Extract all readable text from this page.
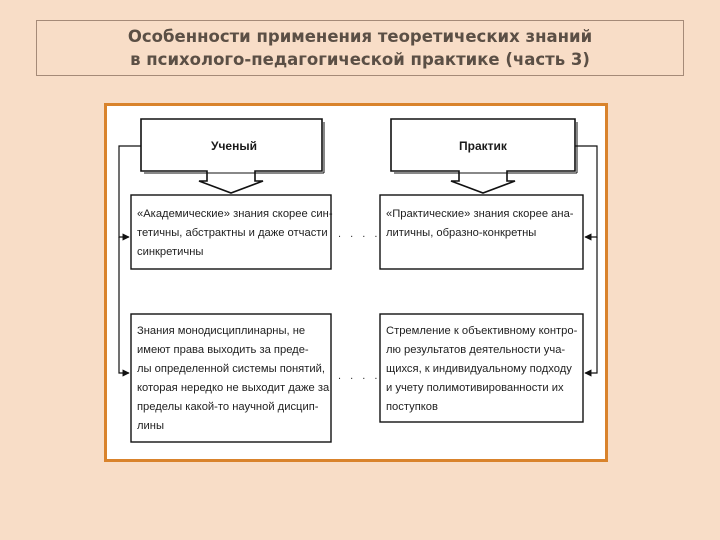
Особенности применения теоретических знаний
в психолого-педагогической практике (часть 3)
Ученый	Практик
. . . .
. . . .
«Академические» знания скорее син-
тетичны, абстрактны и даже отчасти
синкретичны
«Практические» знания скорее ана-
литичны, образно-конкретны
Знания монодисциплинарны, не
имеют права выходить за преде-
лы определенной системы понятий,
которая нередко не выходит даже за
пределы какой-то научной дисцип-
лины
Стремление к объективному контро-
лю результатов деятельности уча-
щихся, к индивидуальному подходу
и учету полимотивированности их
поступков
